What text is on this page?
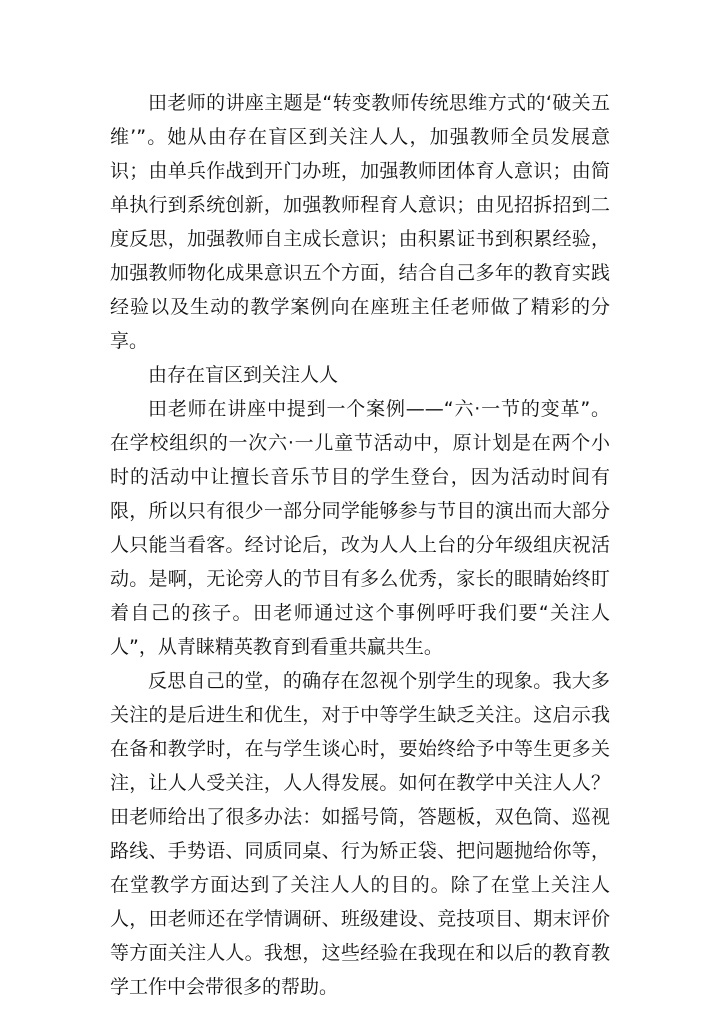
田老师的讲座主题是“转变教师传统思维方式的‘破关五维’”。她从由存在盲区到关注人人，加强教师全员发展意识；由单兵作战到开门办班，加强教师团体育人意识；由简单执行到系统创新，加强教师程育人意识；由见招拆招到二度反思，加强教师自主成长意识；由积累证书到积累经验，加强教师物化成果意识五个方面，结合自己多年的教育实践经验以及生动的教学案例向在座班主任老师做了精彩的分享。

由存在盲区到关注人人

田老师在讲座中提到一个案例——“六·一节的变革”。在学校组织的一次六·一儿童节活动中，原计划是在两个小时的活动中让擅长音乐节目的学生登台，因为活动时间有限，所以只有很少一部分同学能够参与节目的演出而大部分人只能当看客。经讨论后，改为人人上台的分年级组庆祝活动。是啊，无论旁人的节目有多么优秀，家长的眼睛始终盯着自己的孩子。田老师通过这个事例呼吁我们要“关注人人”，从青睐精英教育到看重共赢共生。

反思自己的堂，的确存在忽视个别学生的现象。我大多关注的是后进生和优生，对于中等学生缺乏关注。这启示我在备和教学时，在与学生谈心时，要始终给予中等生更多关注，让人人受关注，人人得发展。如何在教学中关注人人？田老师给出了很多办法：如摇号筒，答题板，双色筒、巡视路线、手势语、同质同桌、行为矫正袋、把问题抛给你等，在堂教学方面达到了关注人人的目的。除了在堂上关注人人，田老师还在学情调研、班级建设、竞技项目、期末评价等方面关注人人。我想，这些经验在我现在和以后的教育教学工作中会带很多的帮助。
